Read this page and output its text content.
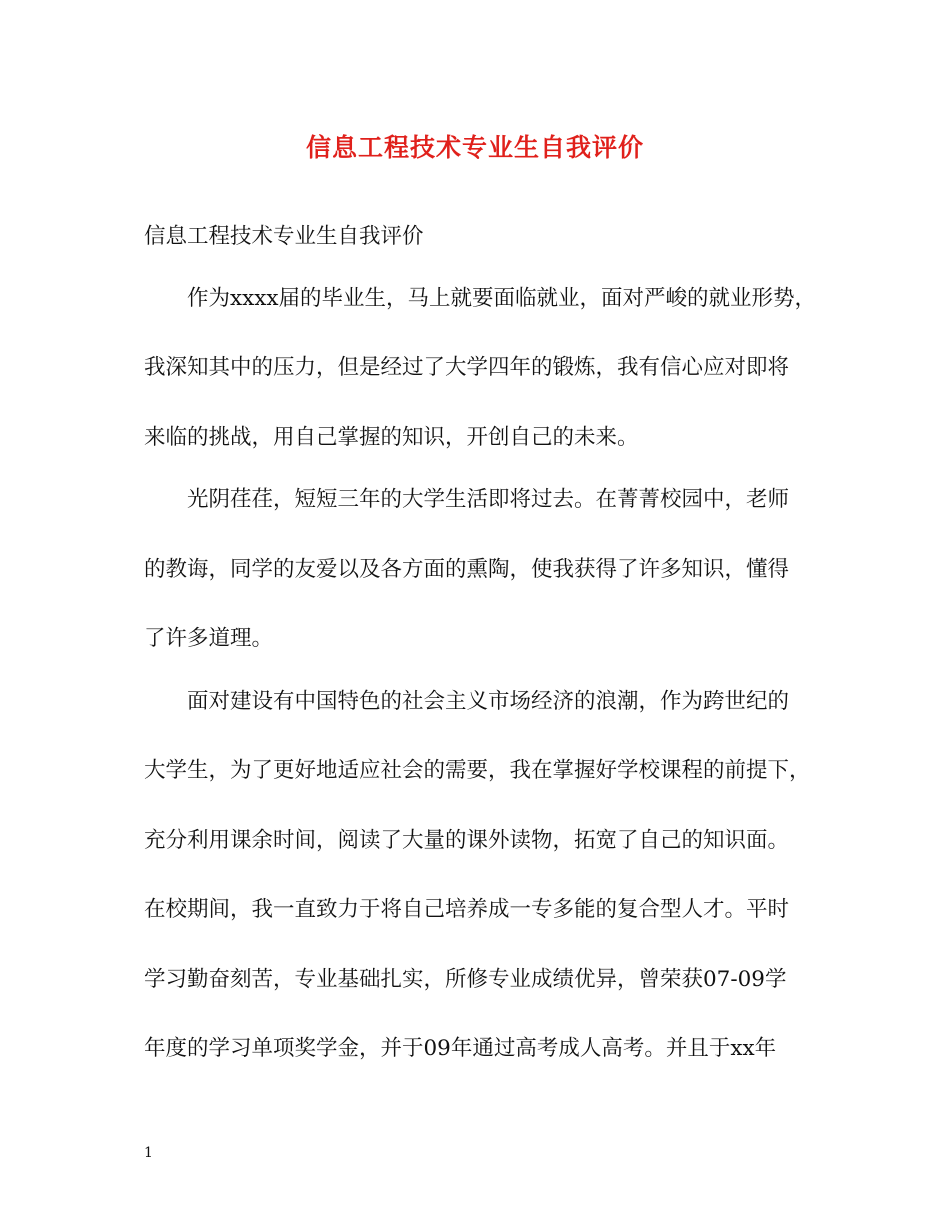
信息工程技术专业生自我评价
信息工程技术专业生自我评价
作为xxxx届的毕业生，马上就要面临就业，面对严峻的就业形势，
我深知其中的压力，但是经过了大学四年的锻炼，我有信心应对即将
来临的挑战，用自己掌握的知识，开创自己的未来。
光阴荏荏，短短三年的大学生活即将过去。在菁菁校园中，老师
的教诲，同学的友爱以及各方面的熏陶，使我获得了许多知识，懂得
了许多道理。
面对建设有中国特色的社会主义市场经济的浪潮，作为跨世纪的
大学生，为了更好地适应社会的需要，我在掌握好学校课程的前提下，
充分利用课余时间，阅读了大量的课外读物，拓宽了自己的知识面。
在校期间，我一直致力于将自己培养成一专多能的复合型人才。平时
学习勤奋刻苦，专业基础扎实，所修专业成绩优异，曾荣获07-09学
年度的学习单项奖学金，并于09年通过高考成人高考。并且于xx年
1
